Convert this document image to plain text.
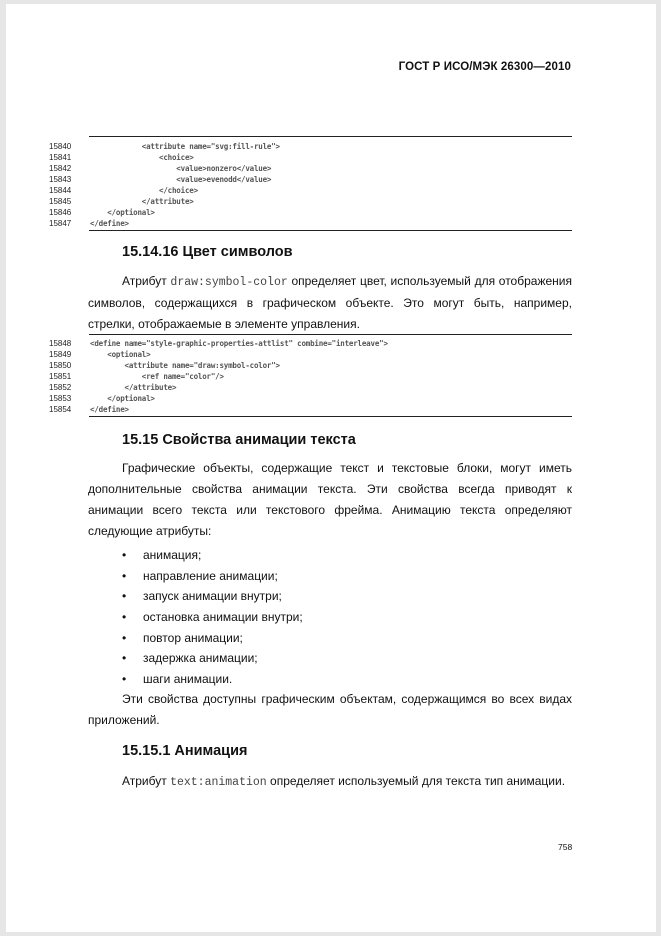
ГОСТ Р ИСО/МЭК 26300—2010
15840	<attribute name="svg:fill-rule">
15841	<choice>
15842	<value>nonzero</value>
15843	<value>evenodd</value>
15844	</choice>
15845	</attribute>
15846	</optional>
15847	</define>
15.14.16 Цвет символов
Атрибут draw:symbol-color определяет цвет, используемый для отображения символов, содержащихся в графическом объекте. Это могут быть, например, стрелки, отображаемые в элементе управления.
15848	<define name="style-graphic-properties-attlist" combine="interleave">
15849	<optional>
15850	<attribute name="draw:symbol-color">
15851	<ref name="color"/>
15852	</attribute>
15853	</optional>
15854	</define>
15.15 Свойства анимации текста
Графические объекты, содержащие текст и текстовые блоки, могут иметь дополнительные свойства анимации текста. Эти свойства всегда приводят к анимации всего текста или текстового фрейма. Анимацию текста определяют следующие атрибуты:
• анимация;
• направление анимации;
• запуск анимации внутри;
• остановка анимации внутри;
• повтор анимации;
• задержка анимации;
• шаги анимации.
Эти свойства доступны графическим объектам, содержащимся во всех видах приложений.
15.15.1 Анимация
Атрибут text:animation определяет используемый для текста тип анимации.
758
